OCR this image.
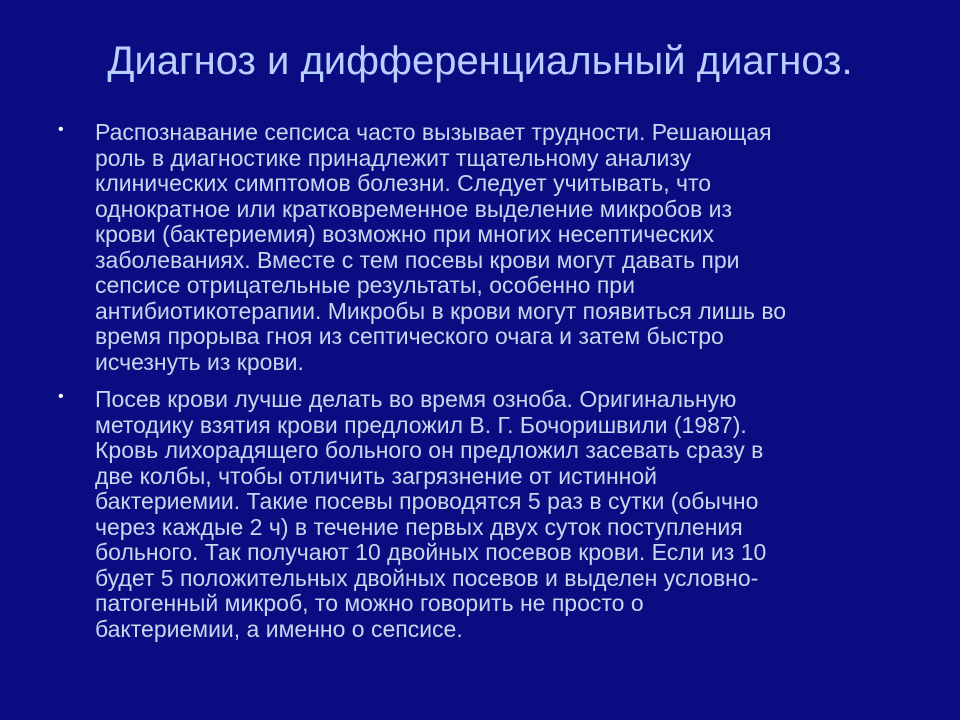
Диагноз и дифференциальный диагноз.
• Распознавание сепсиса часто вызывает трудности. Решающая
роль в диагностике принадлежит тщательному анализу
клинических симптомов болезни. Следует учитывать, что
однократное или кратковременное выделение микробов из
крови (бактериемия) возможно при многих несептических
заболеваниях. Вместе с тем посевы крови могут давать при
сепсисе отрицательные результаты, особенно при
антибиотикотерапии. Микробы в крови могут появиться лишь во
время прорыва гноя из септического очага и затем быстро
исчезнуть из крови.
• Посев крови лучше делать во время озноба. Оригинальную
методику взятия крови предложил В. Г. Бочоришвили (1987).
Кровь лихорадящего больного он предложил засевать сразу в
две колбы, чтобы отличить загрязнение от истинной
бактериемии. Такие посевы проводятся 5 раз в сутки (обычно
через каждые 2 ч) в течение первых двух суток поступления
больного. Так получают 10 двойных посевов крови. Если из 10
будет 5 положительных двойных посевов и выделен условно-
патогенный микроб, то можно говорить не просто о
бактериемии, а именно о сепсисе.
